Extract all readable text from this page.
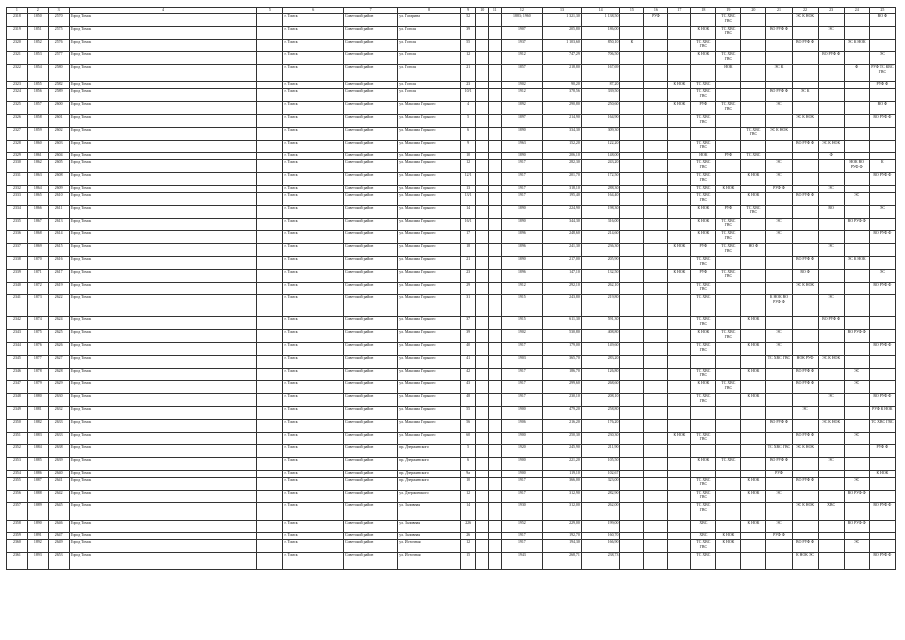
1	2	3	4	5	6	7	8	9	10	11	12	13	14	15	16	17	18	19	20	21	22	23	24	25
2318	1850	2570	Город Томск		г. Томск	Советский район	ул. Гагарина	52			1883; 1960	1 321,30	1 138,50		РУФ			ТС ХВС ГВС			ЭС К НОК			ВО Ф
2319	1851	2575	Город Томск		г. Томск	Советский район	ул. Гоголя	39			1907	205,80	186,00				К НОК	ТС ХВС ГВС		ВО РУФ Ф		ЭС		
2320	1852	2576	Город Томск		г. Томск	Советский район	ул. Гоголя	55			1937	1 103,60	850,10	К			ТС ХВС ГВС				ВО РУФ Ф		ЭС К НОК	
2321	1853	2577	Город Томск		г. Томск	Советский район	ул. Гоголя	12			1912	747,29	706,50				К НОК	ТС ХВС ГВС				ВО РУФ Ф		ЭС
2322	1854	2580	Город Томск		г. Томск	Советский район	ул. Гоголя	21			1857	218,80	167,69					НОК		ЭС К			Ф	РУФ ТС КВС ГВС
2323	1855	2582	Город Томск		г. Томск	Советский район	ул. Гоголя	23			1902	90,20	87,20			К НОК	ТС ХВС							РУФ Ф
2324	1856	2589	Город Томск		г. Томск	Советский район	ул. Гоголя	10/1			1912	378,56	339,50				ТС ХВС ГВС			ВО РУФ Ф	ЭС К			
2325	1857	2600	Город Томск		г. Томск	Советский район	ул. Максима Горького	4			1892	290,80	250,60			К НОК	РУФ	ТС ХВС ГВС		ЭС				ВО Ф
2326	1858	2601	Город Томск		г. Томск	Советский район	ул. Максима Горького	5			1897	214,90	164,90				ТС ХВС ГВС				ЭС К НОК			ВО РУФ Ф
2327	1859	2602	Город Томск		г. Томск	Советский район	ул. Максима Горького	6			1890	334,30	309,30						ТС ХВС ГВС	ЭС К НОК				
2328	1860	2603	Город Томск		г. Томск	Советский район	ул. Максима Горького	9			1963	152,20	122,20				ТС ХВС ГВС				ВО РУФ Ф	ЭС К НОК		
2329	1861	2604	Город Томск		г. Томск	Советский район	ул. Максима Горького	10			1890	206,10	148,00				НОК	РУФ	ТС ХВС			Ф		
2330	1862	2605	Город Томск		г. Томск	Советский район	ул. Максима Горького	12			1917	282,30	243,20				ТС ХВС ГВС			ЭС			НОК ВО РУФ Ф	К
2331	1863	2608	Город Томск		г. Томск	Советский район	ул. Максима Горького	12/1			1917	201,70	172,50				ТС ХВС ГВС		К НОК	ЭС				ВО РУФ Ф
2332	1864	2609	Город Томск		г. Томск	Советский район	ул. Максима Горького	13			1917	318,10	288,30				ТС ХВС	К НОК		РУФ Ф		ЭС		
2333	1865	2610	Город Томск		г. Томск	Советский район	ул. Максима Горького	13/1			1917	195,40	164,40				ТС ХВС ГВС		К НОК		ВО РУФ Ф		ЭС	
2334	1866	2611	Город Томск		г. Томск	Советский район	ул. Максима Горького	14			1890	224,90	198,30				К НОК	РУФ	ТС ХВС ГВС			ВО		ЭС
2335	1867	2613	Город Томск		г. Томск	Советский район	ул. Максима Горького	16/1			1890	344,30	316,00				К НОК	ТС ХВС ГВС		ЭС			ВО РУФ Ф	
2336	1868	2614	Город Томск		г. Томск	Советский район	ул. Максима Горького	17			1896	248,60	214,60				К НОК	ТС ХВС ГВС		ЭС				ВО РУФ Ф
2337	1869	2615	Город Томск		г. Томск	Советский район	ул. Максима Горького	18			1896	241,30	236,30			К НОК	РУФ	ТС ХВС ГВС	НО Ф			ЭС		
2338	1870	2616	Город Томск		г. Томск	Советский район	ул. Максима Горького	21			1890	217,00	205,90				ТС ХВС ГВС				ВО РУФ Ф		ЭС К НОК	
2339	1871	2617	Город Томск		г. Томск	Советский район	ул. Максима Горького	23			1896	147,10	132,50			К НОК	РУФ	ТС ХВС ГВС			ВО Ф			ЭС
2340	1872	2619	Город Томск		г. Томск	Советский район	ул. Максима Горького	29			1912	292,10	262,10				ТС ХВС ГВС				ЭС К НОК			ВО РУФ Ф
2341	1873	2622	Город Томск		г. Томск	Советский район	ул. Максима Горького	31			1915	243,80	219,80				ТС ХВС			К НОК ВО РУФ Ф		ЭС		
2342	1874	2624	Город Томск		г. Томск	Советский район	ул. Максима Горького	37			1915	611,30	591,30				ТС ХВС ГВС		К НОК			ВО РУФ Ф		
2343	1875	2625	Город Томск		г. Томск	Советский район	ул. Максима Горького	39			1902	530,80	408,80				К НОК	ТС ХВС ГВС		ЭС			ВО РУФ Ф	
2344	1876	2626	Город Томск		г. Томск	Советский район	ул. Максима Горького	40			1917	179,00	149,60				ТС ХВС ГВС		К НОК	ЭС				ВО РУФ Ф
2345	1877	2627	Город Томск		г. Томск	Советский район	ул. Максима Горького	41			1903	365,70	283,20							ТС ХВС ГВС	НОК РУФ	ЭС К НОК		
2346	1878	2628	Город Томск		г. Томск	Советский район	ул. Максима Горького	42			1917	186,70	126,80				ТС ХВС ГВС		К НОК		ВО РУФ Ф		ЭС	
2347	1879	2629	Город Томск		г. Томск	Советский район	ул. Максима Горького	43			1917	299,60	268,60				К НОК	ТС ХВС ГВС			ВО РУФ Ф		ЭС	
2348	1880	2630	Город Томск		г. Томск	Советский район	ул. Максима Горького	48			1917	230,10	208,10				ТС ХВС ГВС		К НОК			ЭС		ВО РУФ Ф
2349	1881	2632	Город Томск		г. Томск	Советский район	ул. Максима Горького	55			1900	479,20	258,80								ЭС			РУФ К НОК
2350	1882	2633	Город Томск		г. Томск	Советский район	ул. Максима Горького	56			1906	216,20	176,20							ВО РУФ Ф		ЭС К НОК		ТС ХВС ГВС
2351	1883	2633	Город Томск		г. Томск	Советский район	ул. Максима Горького	60			1900	250,30	230,30			К НОК	ТС ХВС ГВС				ВО РУФ Ф		ЭС	
2352	1884	2638	Город Томск		г. Томск	Советский район	пр. Дзержинского	5			1920	245,90	211,90							ТС ХВС ГВС	ЭС К НОК			РУФ Ф
2353	1885	2639	Город Томск		г. Томск	Советский район	пр. Дзержинского	6			1900	221,20	105,50				К НОК	ТС ХВС		ВО РУФ Ф		ЭС		
2354	1886	2640	Город Томск		г. Томск	Советский район	пр. Дзержинского	9a			1900	119,10	102,67							РУФ				К НОК
2355	1887	2641	Город Томск		г. Томск	Советский район	пр. Дзержинского	10			1917	366,00	323,00				ТС ХВС ГВС		К НОК		ВО РУФ Ф		ЭС	
2356	1888	2642	Город Томск		г. Томск	Советский район	ул. Дзержинского	12			1917	312,90	282,90				ТС ХВС ГВС		К НОК	ЭС			ВО РУФ Ф	
2357	1889	2645	Город Томск		г. Томск	Советский район	ул. Заливная	14			1930	312,00	262,00				ТС ХВС ГВС				ЭС К НОК	ХВС		ВО РУФ Ф
2358	1890	2646	Город Томск		г. Томск	Советский район	ул. Заливная	226			1952	229,00	199,00				ХВС		К НОК	ЭС			ВО РУФ Ф	
2359	1891	2647	Город Томск		г. Томск	Советский район	ул. Заливная	26			1917	192,70	160,70				ХВС	К НОК		РУФ Ф				
2360	1892	2649	Город Томск		г. Томск	Советский район	ул. Источная	12			1917	194,30	166,90				ТС ХВС ГВС	К НОК			ВО РУФ Ф		ЭС	
2361	1893	2653	Город Томск		г. Томск	Советский район	ул. Источная	15			1943	268,71	238,73				ТС ХВС				К НОК ЭС			ВО РУФ Ф
